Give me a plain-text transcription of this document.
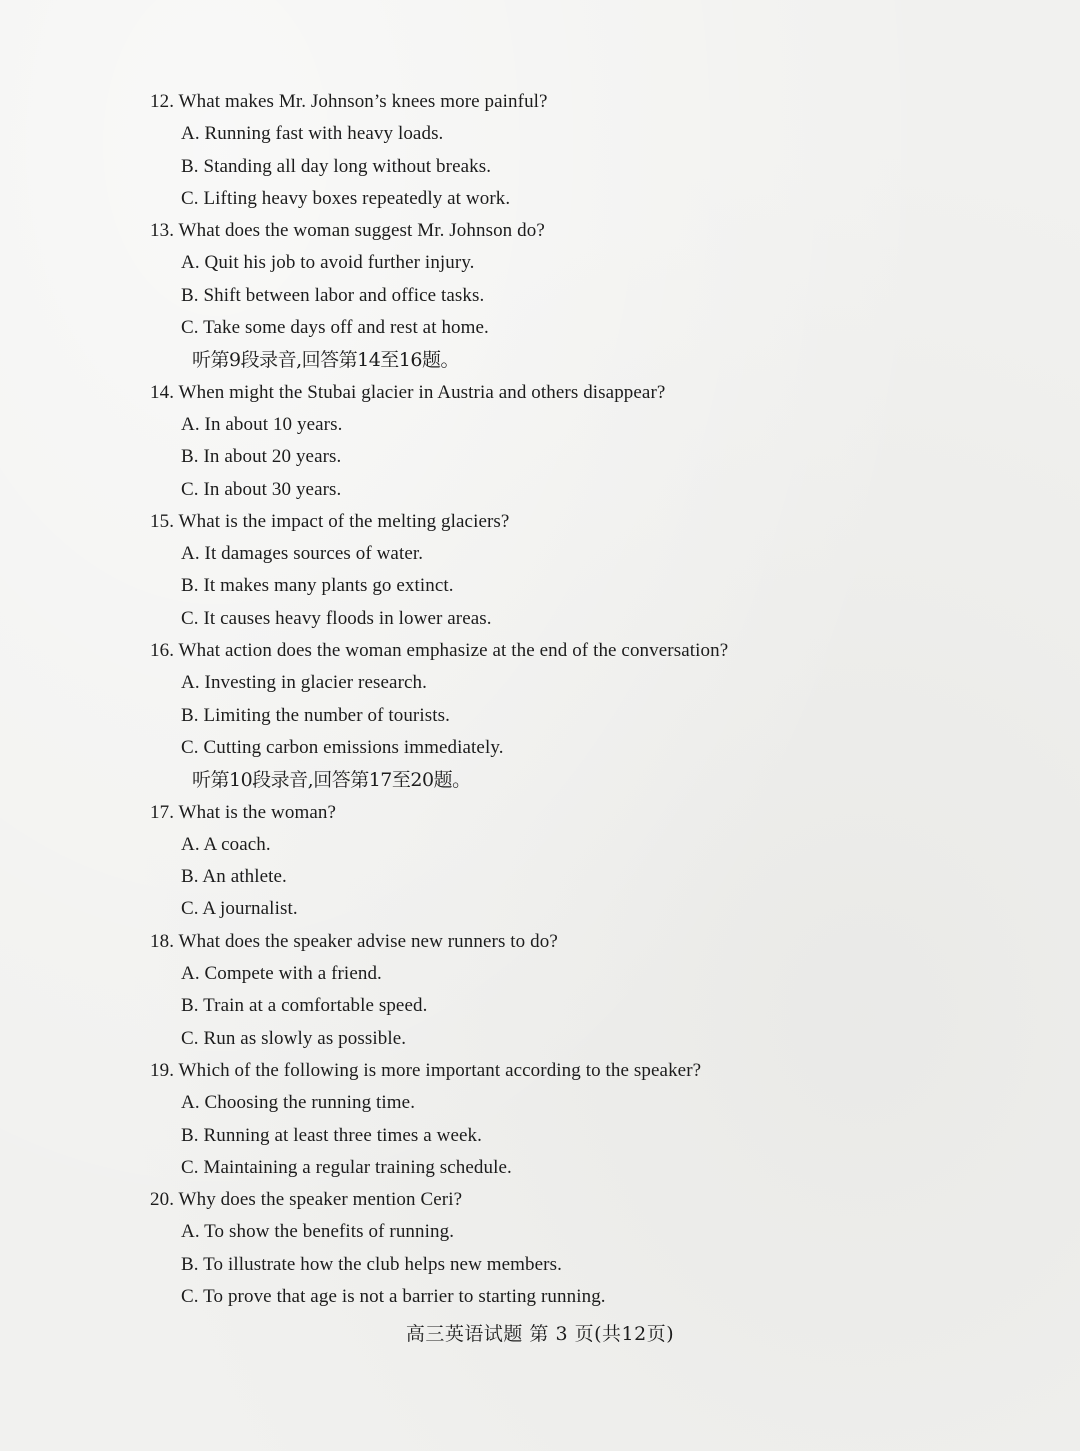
12. What makes Mr. Johnson’s knees more painful?
A. Running fast with heavy loads.
B. Standing all day long without breaks.
C. Lifting heavy boxes repeatedly at work.
13. What does the woman suggest Mr. Johnson do?
A. Quit his job to avoid further injury.
B. Shift between labor and office tasks.
C. Take some days off and rest at home.
听第9段录音,回答第14至16题。
14. When might the Stubai glacier in Austria and others disappear?
A. In about 10 years.
B. In about 20 years.
C. In about 30 years.
15. What is the impact of the melting glaciers?
A. It damages sources of water.
B. It makes many plants go extinct.
C. It causes heavy floods in lower areas.
16. What action does the woman emphasize at the end of the conversation?
A. Investing in glacier research.
B. Limiting the number of tourists.
C. Cutting carbon emissions immediately.
听第10段录音,回答第17至20题。
17. What is the woman?
A. A coach.
B. An athlete.
C. A journalist.
18. What does the speaker advise new runners to do?
A. Compete with a friend.
B. Train at a comfortable speed.
C. Run as slowly as possible.
19. Which of the following is more important according to the speaker?
A. Choosing the running time.
B. Running at least three times a week.
C. Maintaining a regular training schedule.
20. Why does the speaker mention Ceri?
A. To show the benefits of running.
B. To illustrate how the club helps new members.
C. To prove that age is not a barrier to starting running.
高三英语试题 第 3 页(共12页)
